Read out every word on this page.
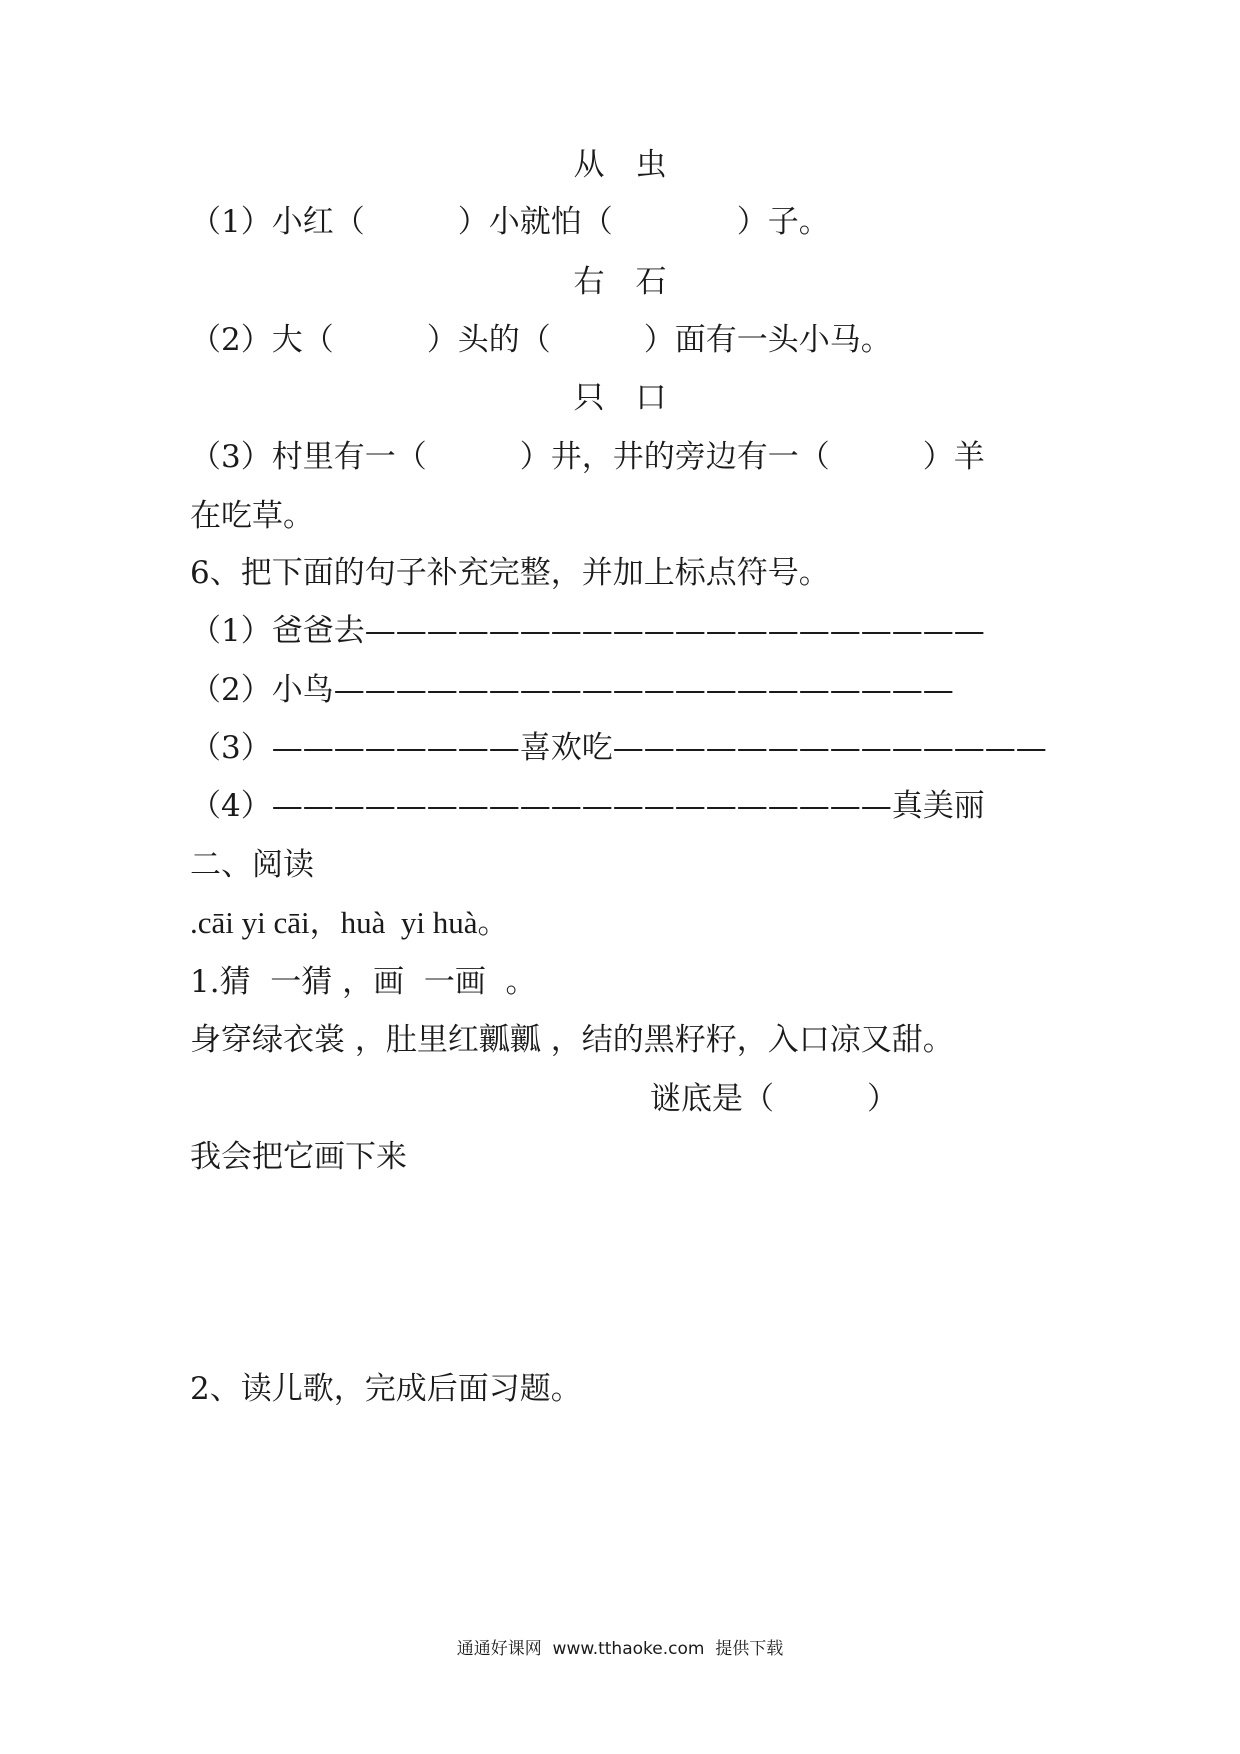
从　虫
（1）小红（　　　）小就怕（　　　　）子。
右　石
（2）大（　　　）头的（　　　）面有一头小马。
只　口
（3）村里有一（　　　）井，井的旁边有一（　　　）羊
在吃草。
6、把下面的句子补充完整，并加上标点符号。
（1）爸爸去————————————————————
（2）小鸟————————————————————
（3）————————喜欢吃——————————————
（4）————————————————————真美丽
二、阅读
.cāi yi cāi，huà  yi huà。
1.猜  一猜 ，画  一画  。
身穿绿衣裳 ，肚里红瓤瓤 ，结的黑籽籽，入口凉又甜。
谜底是（　　　）
我会把它画下来
2、读儿歌，完成后面习题。
通通好课网  www.tthaoke.com  提供下载
